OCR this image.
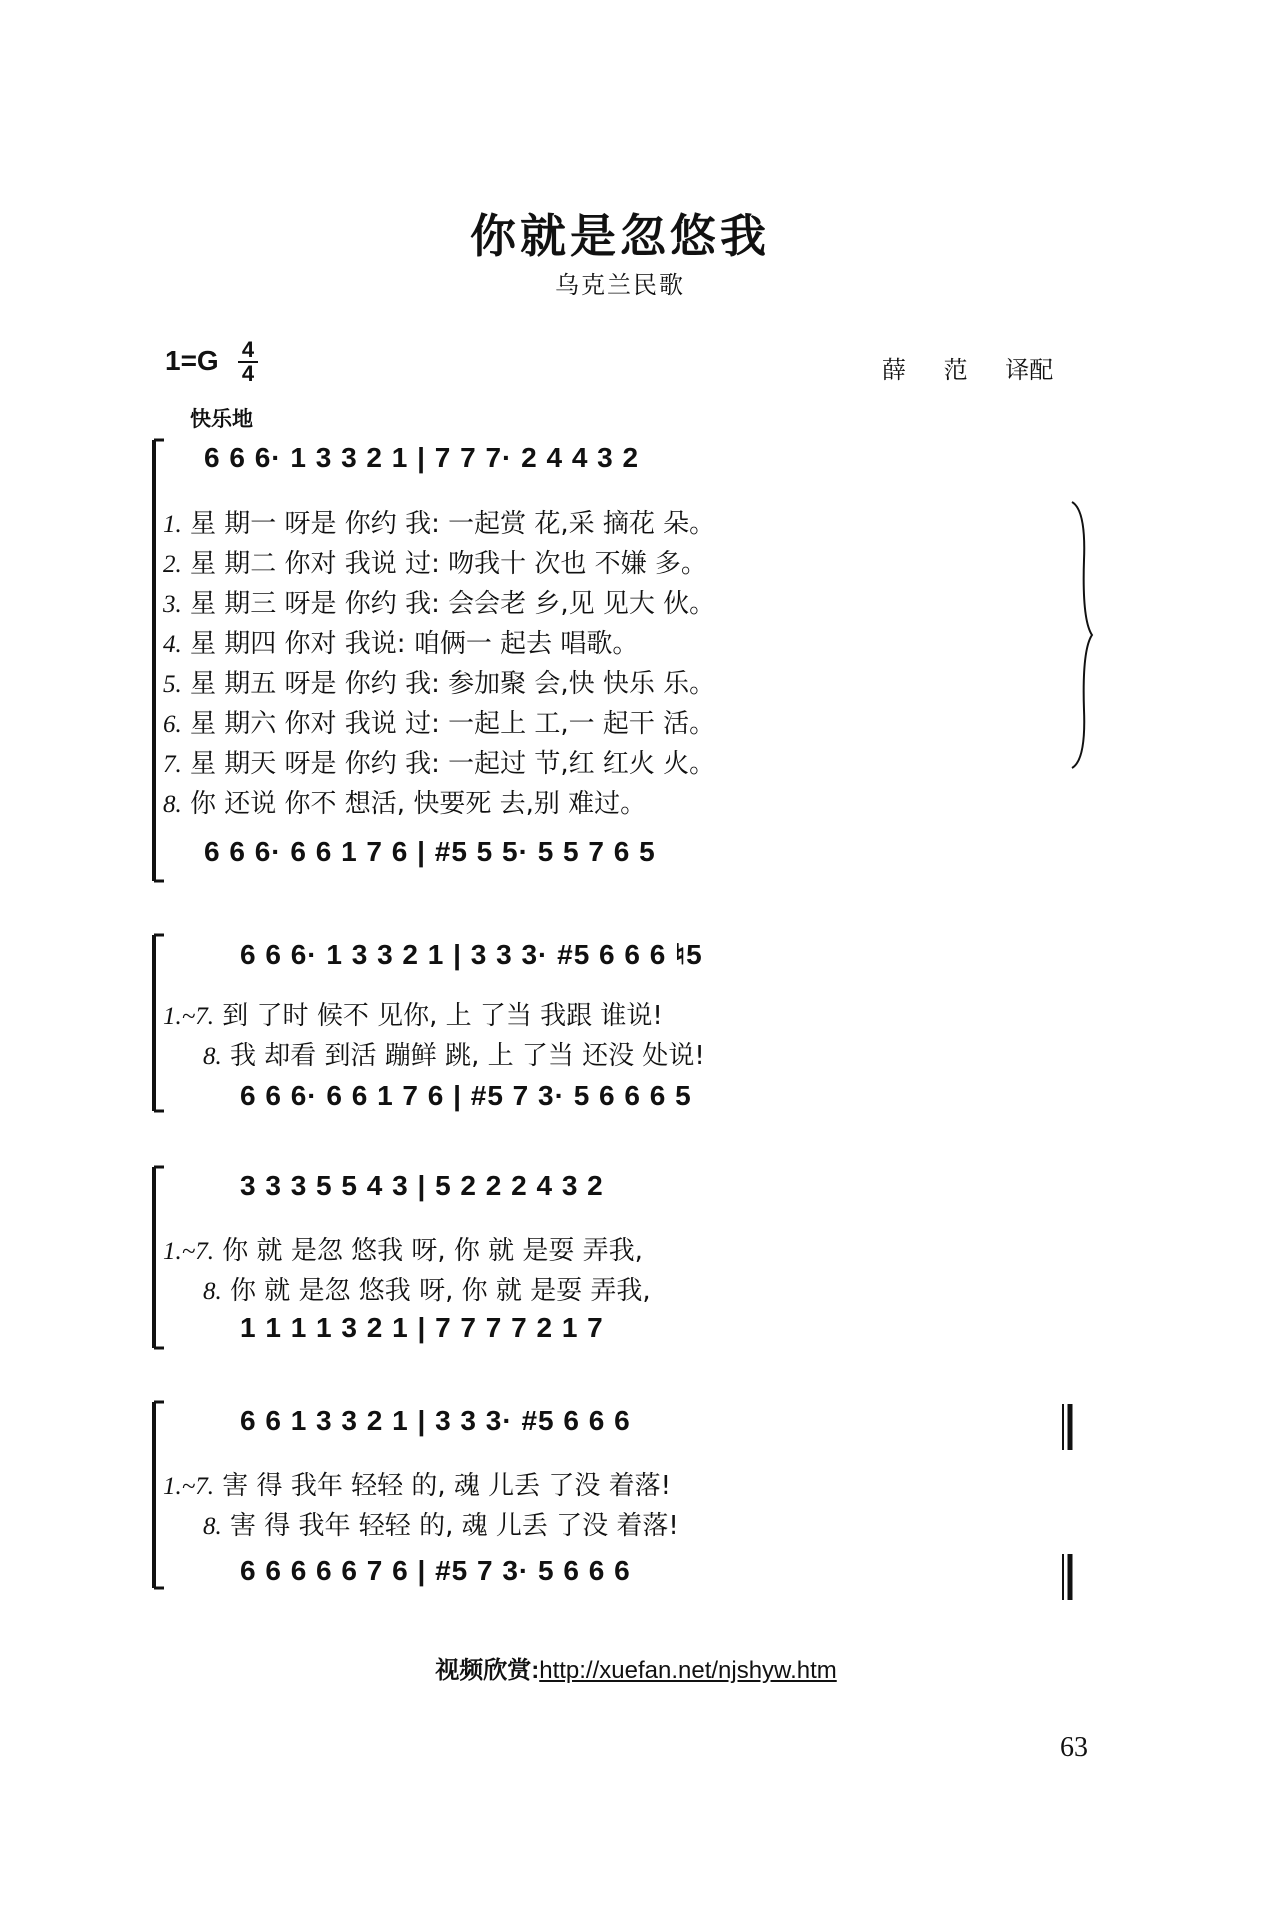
你就是忽悠我
乌克兰民歌
1=G 4
4	薛 范 译配
快乐地
6 6 6· 1 3 3 2 1 | 7 7 7· 2 4 4 3 2
1. 星 期一 呀是 你约 我: 一起赏 花,采 摘花 朵。
2. 星 期二 你对 我说 过: 吻我十 次也 不嫌 多。
3. 星 期三 呀是 你约 我: 会会老 乡,见 见大 伙。
4. 星 期四 你对 我说: 咱俩一 起去 唱歌。
5. 星 期五 呀是 你约 我: 参加聚 会,快 快乐 乐。
6. 星 期六 你对 我说 过: 一起上 工,一 起干 活。
7. 星 期天 呀是 你约 我: 一起过 节,红 红火 火。
8. 你 还说 你不 想活, 快要死 去,别 难过。
6 6 6· 6 6 1 7 6 | #5 5 5· 5 5 7 6 5
6 6 6· 1 3 3 2 1 | 3 3 3· #5 6 6 6 ♮5
1.~7. 到 了时 候不 见你, 上 了当 我跟 谁说!
8. 我 却看 到活 蹦鲜 跳, 上 了当 还没 处说!
6 6 6· 6 6 1 7 6 | #5 7 3· 5 6 6 6 5
3 3 3 5 5 4 3 | 5 2 2 2 4 3 2
1.~7. 你 就 是忽 悠我 呀, 你 就 是耍 弄我,
8. 你 就 是忽 悠我 呀, 你 就 是耍 弄我,
1 1 1 1 3 2 1 | 7 7 7 7 2 1 7
6 6 1 3 3 2 1 | 3 3 3· #5 6 6 6
1.~7. 害 得 我年 轻轻 的, 魂 儿丢 了没 着落!
8. 害 得 我年 轻轻 的, 魂 儿丢 了没 着落!
6 6 6 6 6 7 6 | #5 7 3· 5 6 6 6
视频欣赏:http://xuefan.net/njshyw.htm
63
